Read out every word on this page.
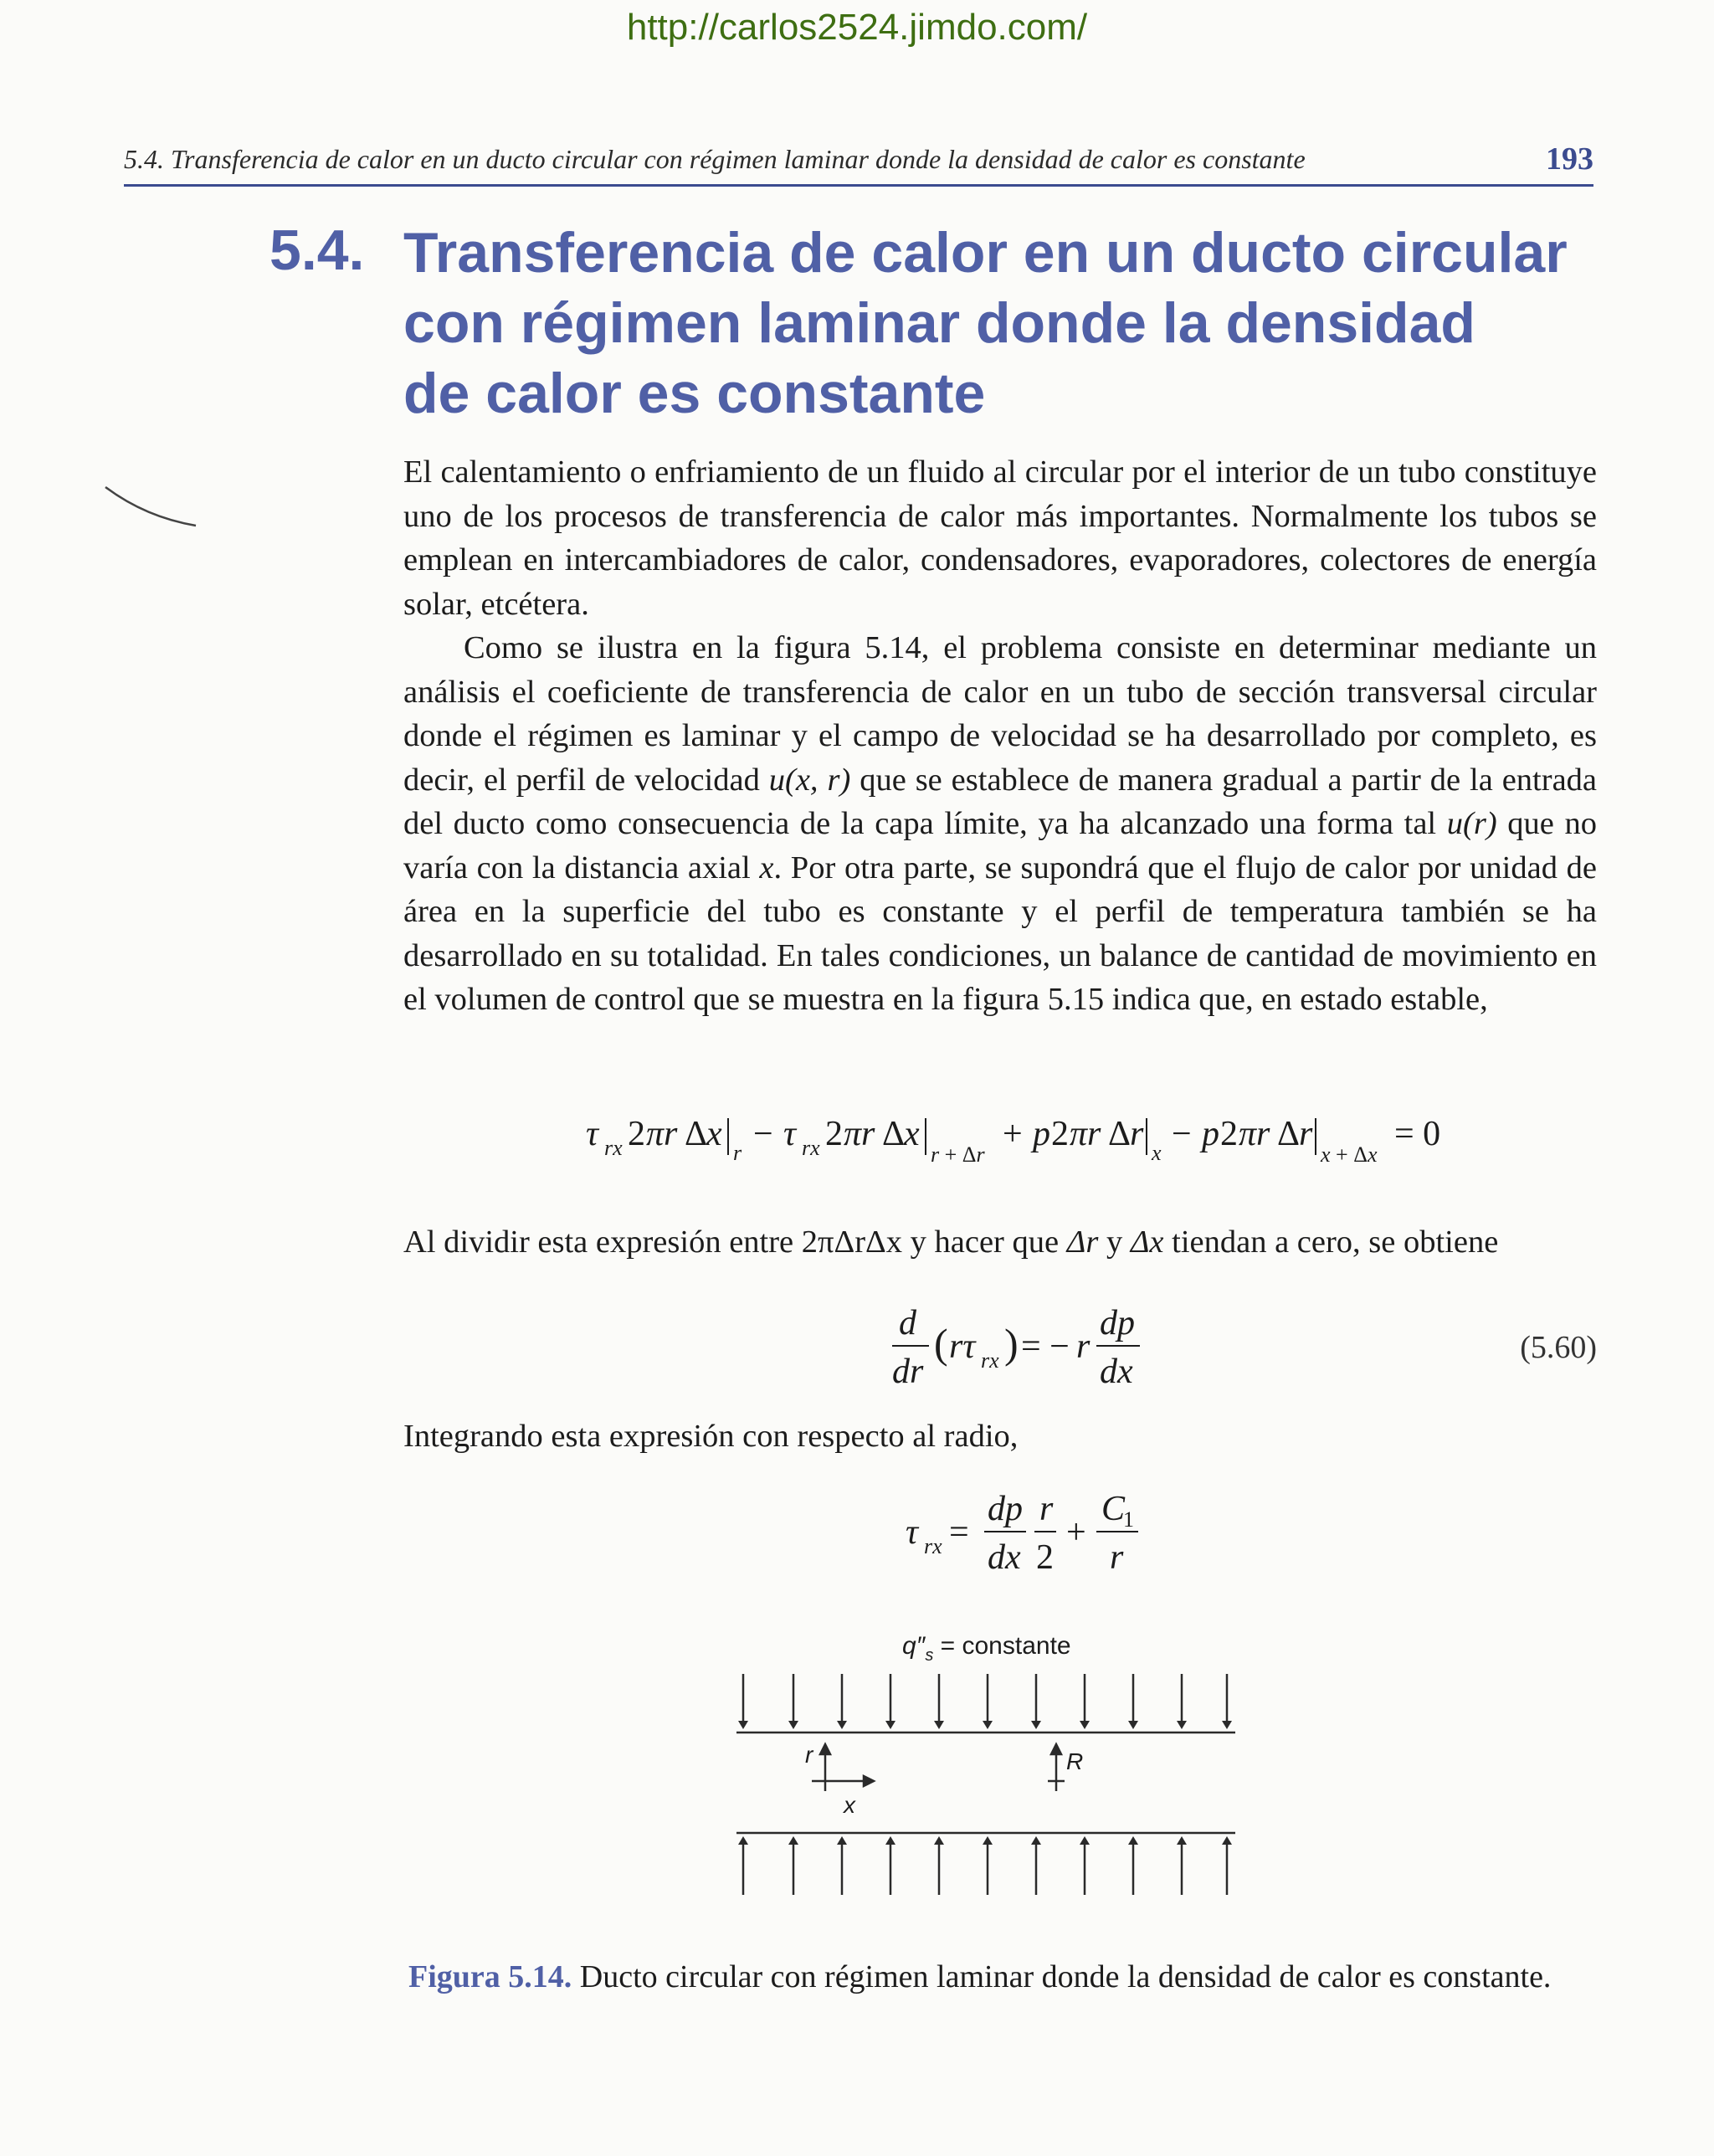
http://carlos2524.jimdo.com/
5.4. Transferencia de calor en un ducto circular con régimen laminar donde la densidad de calor es constante	193
5.4. Transferencia de calor en un ducto circular
con régimen laminar donde la densidad
de calor es constante

El calentamiento o enfriamiento de un fluido al circular por el interior de un tubo constituye uno de los procesos de transferencia de calor más importantes. Normalmente los tubos se emplean en intercambiadores de calor, condensadores, evaporadores, colectores de energía solar, etcétera.

Como se ilustra en la figura 5.14, el problema consiste en determinar mediante un análisis el coeficiente de transferencia de calor en un tubo de sección transversal circular donde el régimen es laminar y el campo de velocidad se ha desarrollado por completo, es decir, el perfil de velocidad u(x, r) que se establece de manera gradual a partir de la entrada del ducto como consecuencia de la capa límite, ya ha alcanzado una forma tal u(r) que no varía con la distancia axial x. Por otra parte, se supondrá que el flujo de calor por unidad de área en la superficie del tubo es constante y el perfil de temperatura también se ha desarrollado en su totalidad. En tales condiciones, un balance de cantidad de movimiento en el volumen de control que se muestra en la figura 5.15 indica que, en estado estable,

τ rx 2 πr Δ
x r − τ rx 2 πr Δ
x
r + Δr
+ p 2 πr Δ
r x − p 2 πr Δ
r
x + Δx
= 0

Al dividir esta expresión entre 2πΔrΔx y hacer que Δr y Δx tiendan a cero, se obtiene

d
dr
( rτ rx ) = − r
dp
dx
(5.60)

Integrando esta expresión con respecto al radio,

τ rx =
dp
dx
r
2
+
C
1
r
$q''_s$ = constante
r
x
R
Figura 5.14. Ducto circular con régimen laminar donde la densidad de calor es constante.
